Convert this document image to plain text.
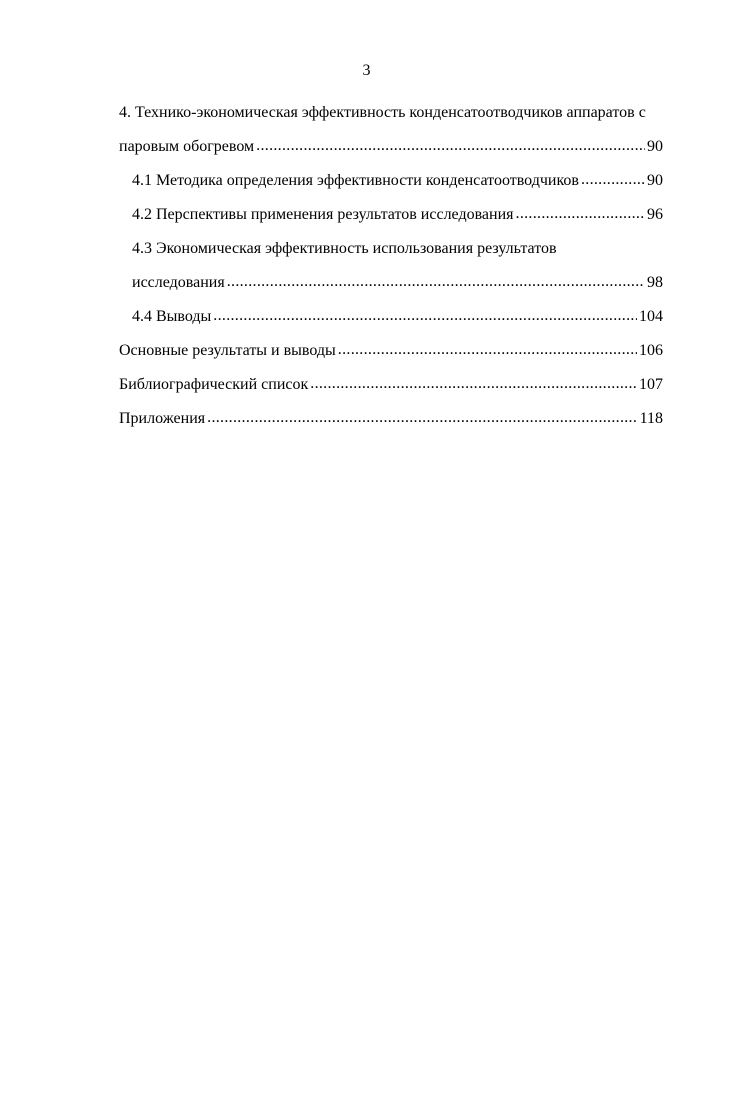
3
4. Технико-экономическая эффективность конденсатоотводчиков аппаратов с
паровым обогревом .....	90
4.1 Методика определения эффективности конденсатоотводчиков .....	90
4.2 Перспективы применения результатов исследования .....	96
4.3 Экономическая эффективность использования результатов
исследования .....	98
4.4 Выводы .....	104
Основные результаты и выводы .....	106
Библиографический список .....	107
Приложения .....	118
